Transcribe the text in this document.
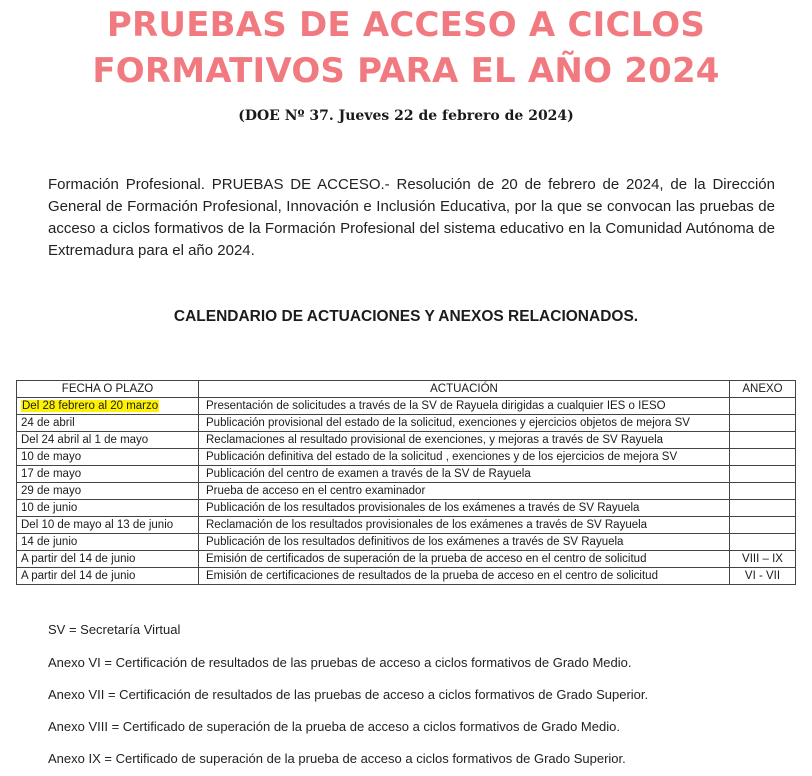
PRUEBAS DE ACCESO A CICLOS
FORMATIVOS PARA EL AÑO 2024
(DOE Nº 37. Jueves 22 de febrero de 2024)
Formación Profesional. PRUEBAS DE ACCESO.- Resolución de 20 de febrero de 2024, de la Dirección General de Formación Profesional, Innovación e Inclusión Educativa, por la que se convocan las pruebas de acceso a ciclos formativos de la Formación Profesional del sistema educativo en la Comunidad Autónoma de Extremadura para el año 2024.
CALENDARIO DE ACTUACIONES Y ANEXOS RELACIONADOS.
FECHA O PLAZO	ACTUACIÓN	ANEXO
Del 28 febrero al 20 marzo	Presentación de solicitudes a través de la SV de Rayuela dirigidas a cualquier IES o IESO	
24 de abril	Publicación provisional del estado de la solicitud, exenciones y ejercicios objetos de mejora SV	
Del 24 abril al 1 de mayo	Reclamaciones al resultado provisional de exenciones, y mejoras a través de SV Rayuela	
10 de mayo	Publicación definitiva del estado de la solicitud , exenciones y de los ejercicios de mejora SV	
17 de mayo	Publicación del centro de examen a través de la SV de Rayuela	
29 de mayo	Prueba de acceso en el centro examinador	
10 de junio	Publicación de los resultados provisionales de los exámenes a través de SV Rayuela	
Del 10 de mayo al 13 de junio	Reclamación de los resultados provisionales de los exámenes a través de SV Rayuela	
14 de junio	Publicación de los resultados definitivos de los exámenes a través de SV Rayuela	
A partir del 14 de junio	Emisión de certificados de superación de la prueba de acceso en el centro de solicitud	VIII – IX
A partir del 14 de junio	Emisión de certificaciones de resultados de la prueba de acceso en el centro de solicitud	VI - VII
SV = Secretaría Virtual
Anexo VI = Certificación de resultados de las pruebas de acceso a ciclos formativos de Grado Medio.
Anexo VII = Certificación de resultados de las pruebas de acceso a ciclos formativos de Grado Superior.
Anexo VIII = Certificado de superación de la prueba de acceso a ciclos formativos de Grado Medio.
Anexo IX = Certificado de superación de la prueba de acceso a ciclos formativos de Grado Superior.
